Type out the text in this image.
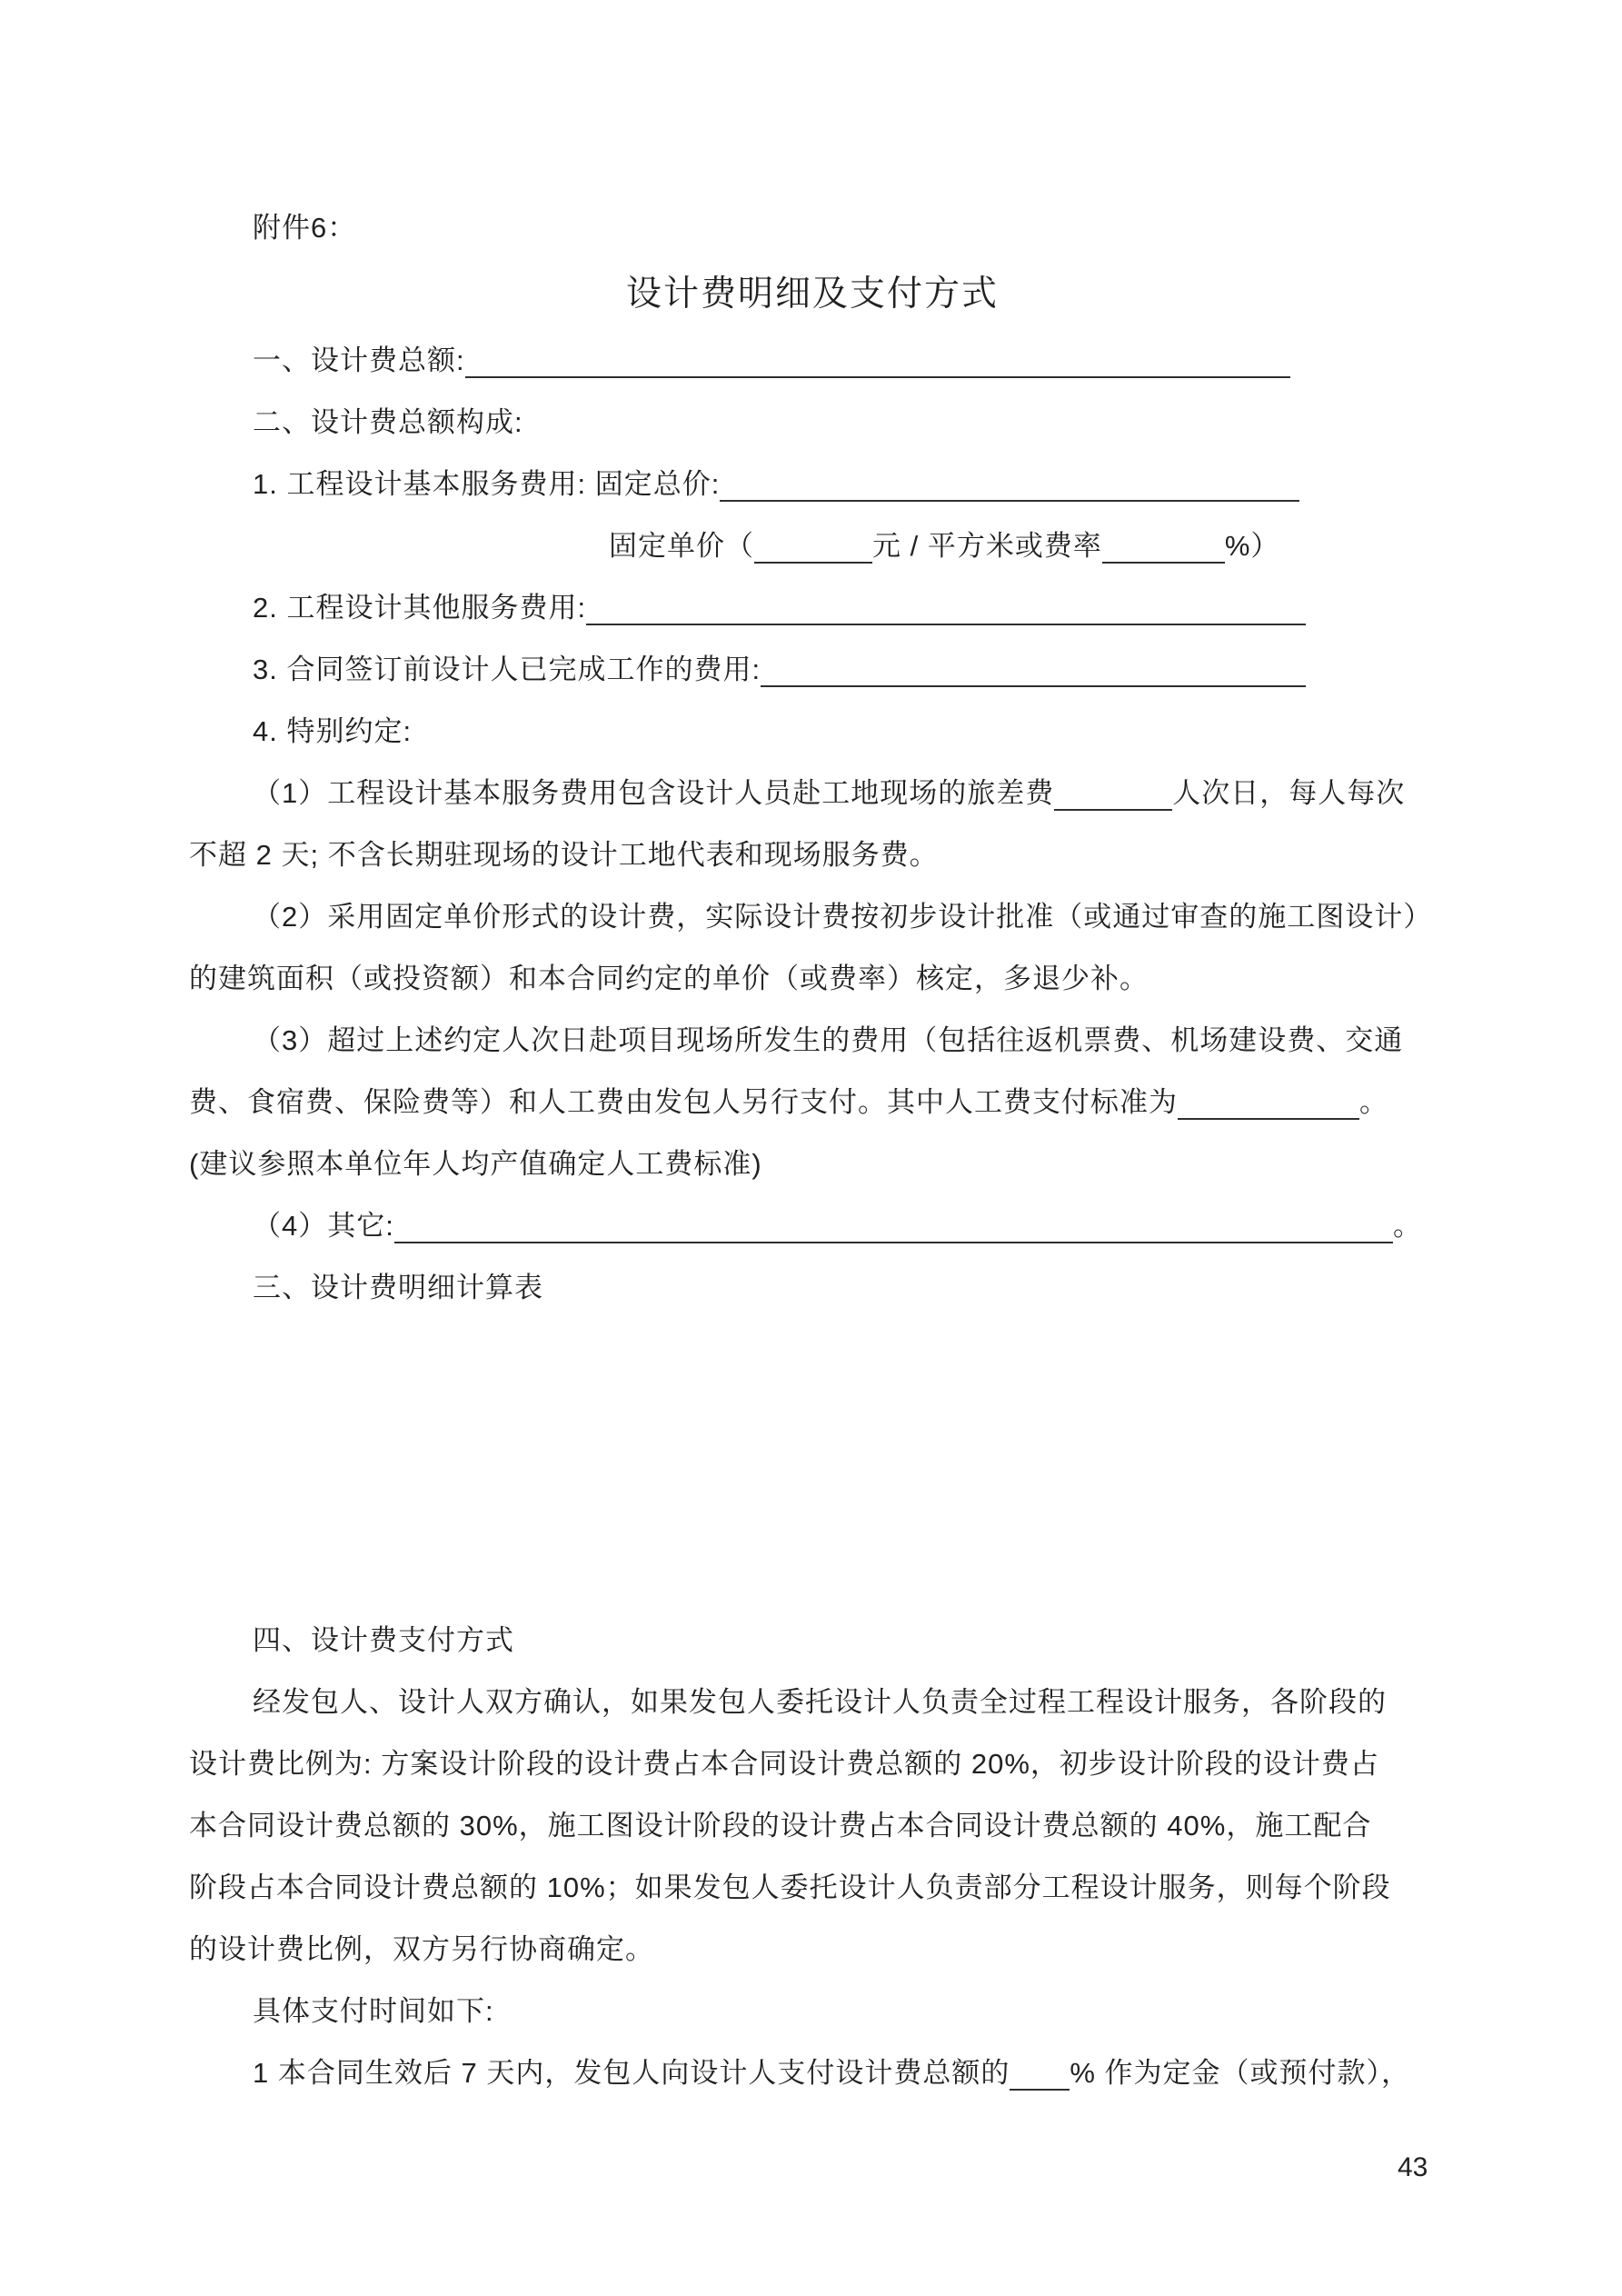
附件6：
设计费明细及支付方式
一、设计费总额:
二、设计费总额构成:
1. 工程设计基本服务费用: 固定总价:
固定单价（	元 / 平方米或费率	%）
2. 工程设计其他服务费用:
3. 合同签订前设计人已完成工作的费用:
4. 特别约定:
（1）工程设计基本服务费用包含设计人员赴工地现场的旅差费	人次日，每人每次
不超 2 天; 不含长期驻现场的设计工地代表和现场服务费。
（2）采用固定单价形式的设计费，实际设计费按初步设计批准（或通过审查的施工图设计）
的建筑面积（或投资额）和本合同约定的单价（或费率）核定，多退少补。
（3）超过上述约定人次日赴项目现场所发生的费用（包括往返机票费、机场建设费、交通
费、食宿费、保险费等）和人工费由发包人另行支付。其中人工费支付标准为	。
(建议参照本单位年人均产值确定人工费标准)
（4）其它:	。
三、设计费明细计算表
四、设计费支付方式
经发包人、设计人双方确认，如果发包人委托设计人负责全过程工程设计服务，各阶段的
设计费比例为: 方案设计阶段的设计费占本合同设计费总额的 20%，初步设计阶段的设计费占
本合同设计费总额的 30%，施工图设计阶段的设计费占本合同设计费总额的 40%，施工配合
阶段占本合同设计费总额的 10%；如果发包人委托设计人负责部分工程设计服务，则每个阶段
的设计费比例，双方另行协商确定。
具体支付时间如下:
1 本合同生效后 7 天内，发包人向设计人支付设计费总额的 % 作为定金（或预付款），
43
